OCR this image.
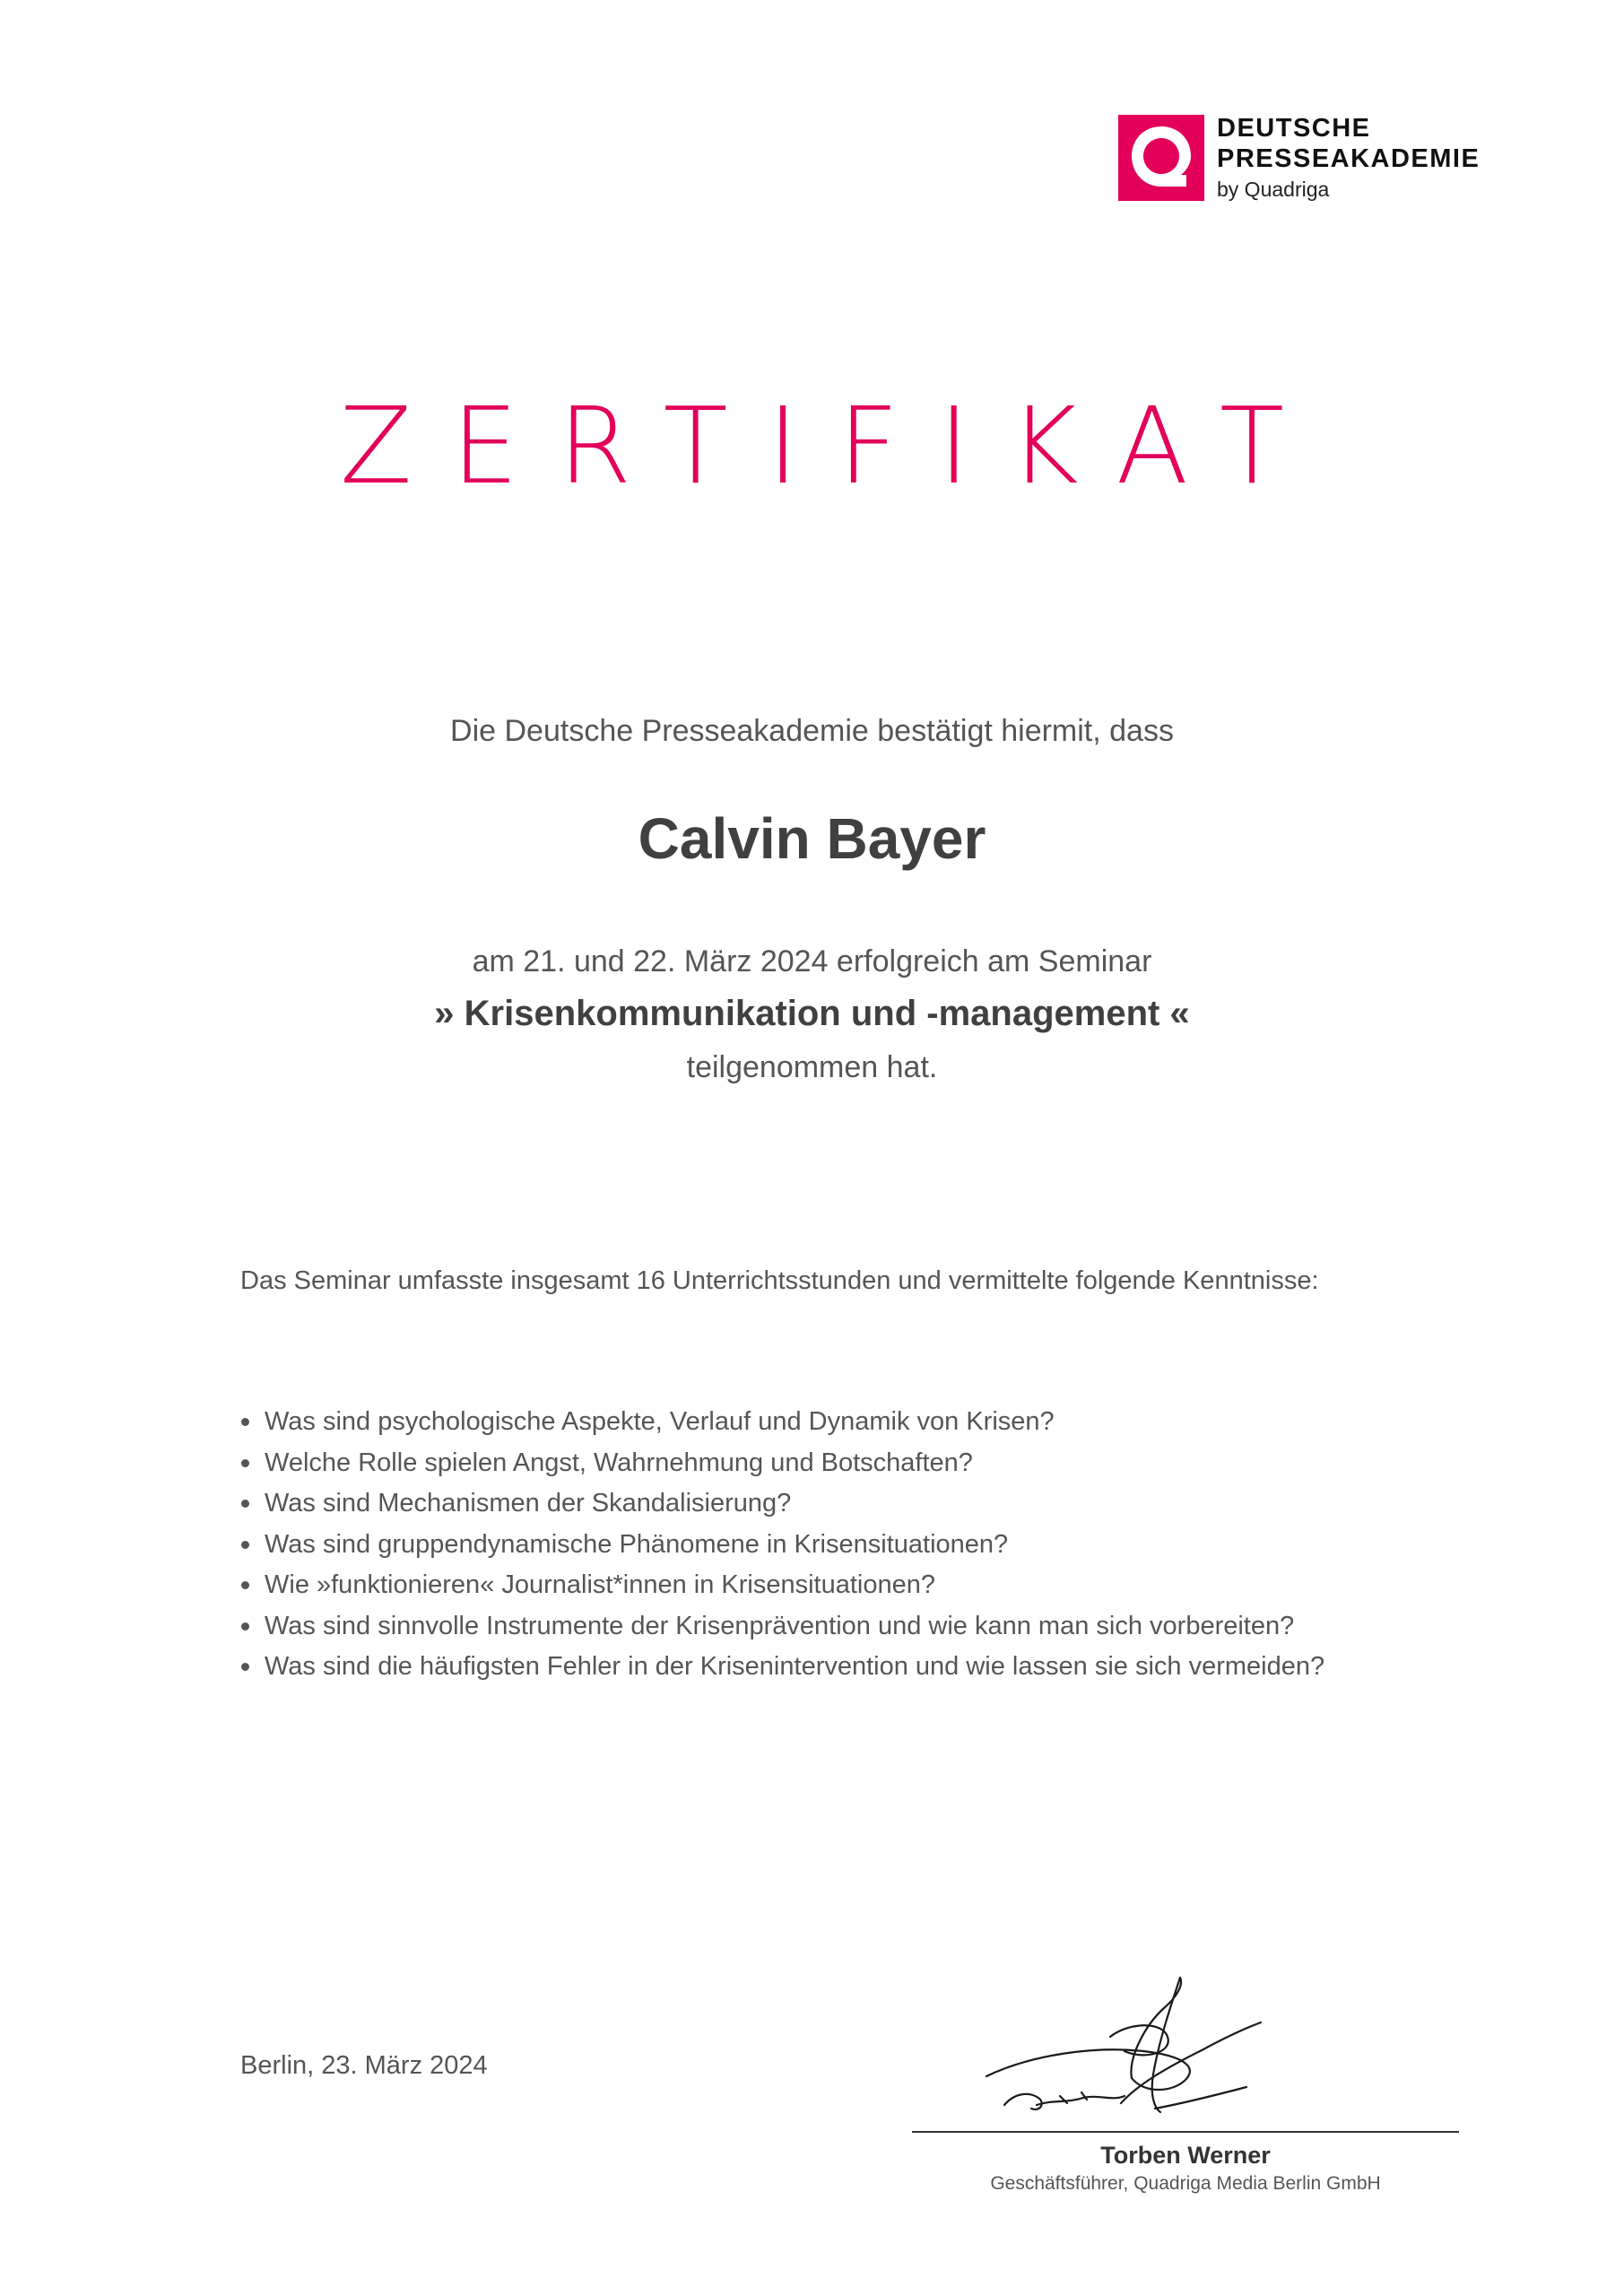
DEUTSCHE
PRESSEAKADEMIE
by Quadriga
ZERTIFIKAT
Die Deutsche Presseakademie bestätigt hiermit, dass
Calvin Bayer
am 21. und 22. März 2024 erfolgreich am Seminar
» Krisenkommunikation und -management «
teilgenommen hat.
Das Seminar umfasste insgesamt 16 Unterrichtsstunden und vermittelte folgende Kenntnisse:
Was sind psychologische Aspekte, Verlauf und Dynamik von Krisen?
Welche Rolle spielen Angst, Wahrnehmung und Botschaften?
Was sind Mechanismen der Skandalisierung?
Was sind gruppendynamische Phänomene in Krisensituationen?
Wie »funktionieren« Journalist*innen in Krisensituationen?
Was sind sinnvolle Instrumente der Krisenprävention und wie kann man sich vorbereiten?
Was sind die häufigsten Fehler in der Krisenintervention und wie lassen sie sich vermeiden?
Berlin, 23. März 2024
Torben Werner
Geschäftsführer, Quadriga Media Berlin GmbH
